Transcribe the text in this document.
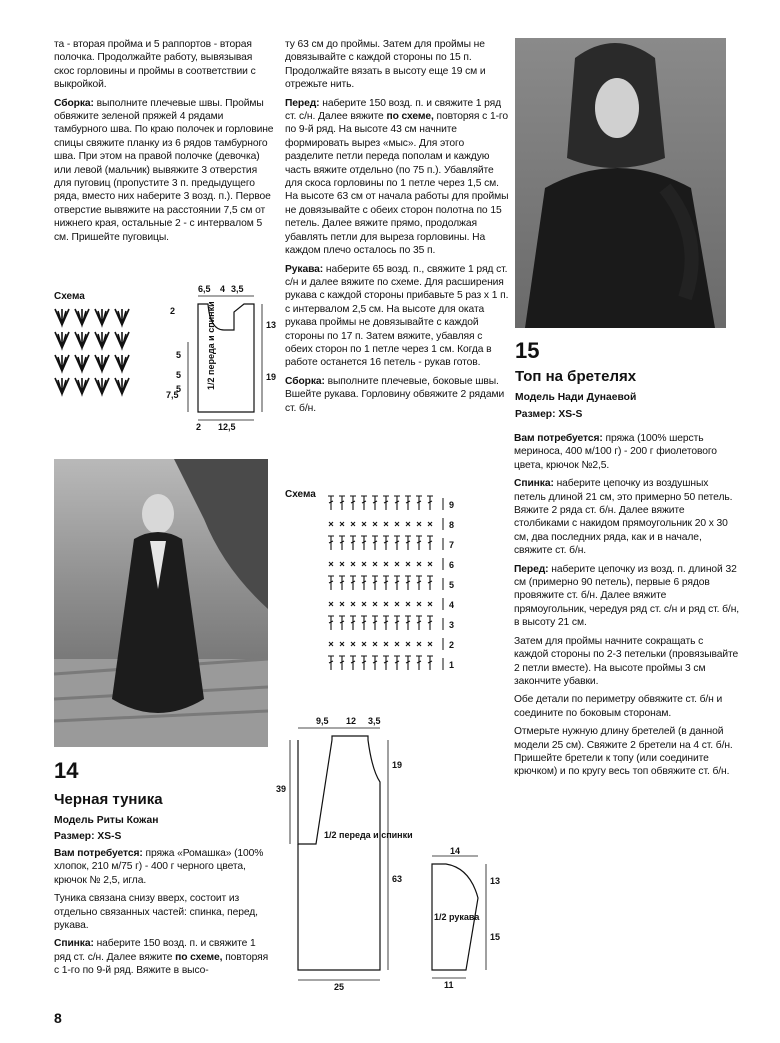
та - вторая пройма и 5 раппортов - вторая полочка. Продолжайте работу, вывязывая скос горловины и проймы в соответствии с выкройкой.

Сборка: выполните плечевые швы. Проймы обвяжите зеленой пряжей 4 рядами тамбурного шва. По краю полочек и горловине спицы свяжите планку из 6 рядов тамбурного шва. При этом на правой полочке (девочка) или левой (мальчик) вывяжите 3 отверстия для пуговиц (пропустите 3 п. предыдущего ряда, вместо них наберите 3 возд. п.). Первое отверстие вывяжите на расстоянии 7,5 см от нижнего края, остальные 2 - с интервалом 5 см. Пришейте пуговицы.

Схема
6,5 4 3,5
2
13
5
5	19
5
7,5
2 12,5
1/2 переда и спинки
14
Черная туника
Модель Риты Кожан
Размер: XS-S

Вам потребуется: пряжа «Ромашка» (100% хлопок, 210 м/75 г) - 400 г черного цвета, крючок № 2,5, игла.

Туника связана снизу вверх, состоит из отдельно связанных частей: спинка, перед, рукава.

Спинка: наберите 150 возд. п. и свяжите 1 ряд ст. с/н. Далее вяжите по схеме, повторяя с 1-го по 9-й ряд. Вяжите в высо-

8

ту 63 см до проймы. Затем для проймы не довязывайте с каждой стороны по 15 п. Продолжайте вязать в высоту еще 19 см и отрежьте нить.

Перед: наберите 150 возд. п. и свяжите 1 ряд ст. с/н. Далее вяжите по схеме, повторяя с 1-го по 9-й ряд. На высоте 43 см начните формировать вырез «мыс». Для этого разделите петли переда пополам и каждую часть вяжите отдельно (по 75 п.). Убавляйте для скоса горловины по 1 петле через 1,5 см. На высоте 63 см от начала работы для проймы не довязывайте с обеих сторон полотна по 15 петель. Далее вяжите прямо, продолжая убавлять петли для выреза горловины. На каждом плечо осталось по 35 п.

Рукава: наберите 65 возд. п., свяжите 1 ряд ст. с/н и далее вяжите по схеме. Для расширения рукава с каждой стороны прибавьте 5 раз х 1 п. с интервалом 2,5 см. На высоте для оката рукава проймы не довязывайте с каждой стороны по 17 п. Затем вяжите, убавляя с обеих сторон по 1 петле через 1 см. Когда в работе останется 16 петель - рукав готов.

Сборка: выполните плечевые, боковые швы. Вшейте рукава. Горловину обвяжите 2 рядами ст. б/н.

Схема
9
8
7
6
5
4
3
2
1
9,5 12 3,5
39
19
63
25
1/2 переда и спинки
14
13
15
11
1/2 рукава
15
Топ на бретелях
Модель Нади Дунаевой
Размер: XS-S

Вам потребуется: пряжа (100% шерсть мериноса, 400 м/100 г) - 200 г фиолетового цвета, крючок №2,5.

Спинка: наберите цепочку из воздушных петель длиной 21 см, это примерно 50 петель. Вяжите 2 ряда ст. б/н. Далее вяжите столбиками с накидом прямоугольник 20 х 30 см, два последних ряда, как и в начале, свяжите ст. б/н.

Перед: наберите цепочку из возд. п. длиной 32 см (примерно 90 петель), первые 6 рядов провяжите ст. б/н. Далее вяжите прямоугольник, чередуя ряд ст. с/н и ряд ст. б/н, в высоту 21 см.

Затем для проймы начните сокращать с каждой стороны по 2-3 петельки (провязывайте 2 петли вместе). На высоте проймы 3 см закончите убавки.

Обе детали по периметру обвяжите ст. б/н и соедините по боковым сторонам.

Отмерьте нужную длину бретелей (в данной модели 25 см). Свяжите 2 бретели на 4 ст. б/н. Пришейте бретели к топу (или соедините крючком) и по кругу весь топ обвяжите ст. б/н.
